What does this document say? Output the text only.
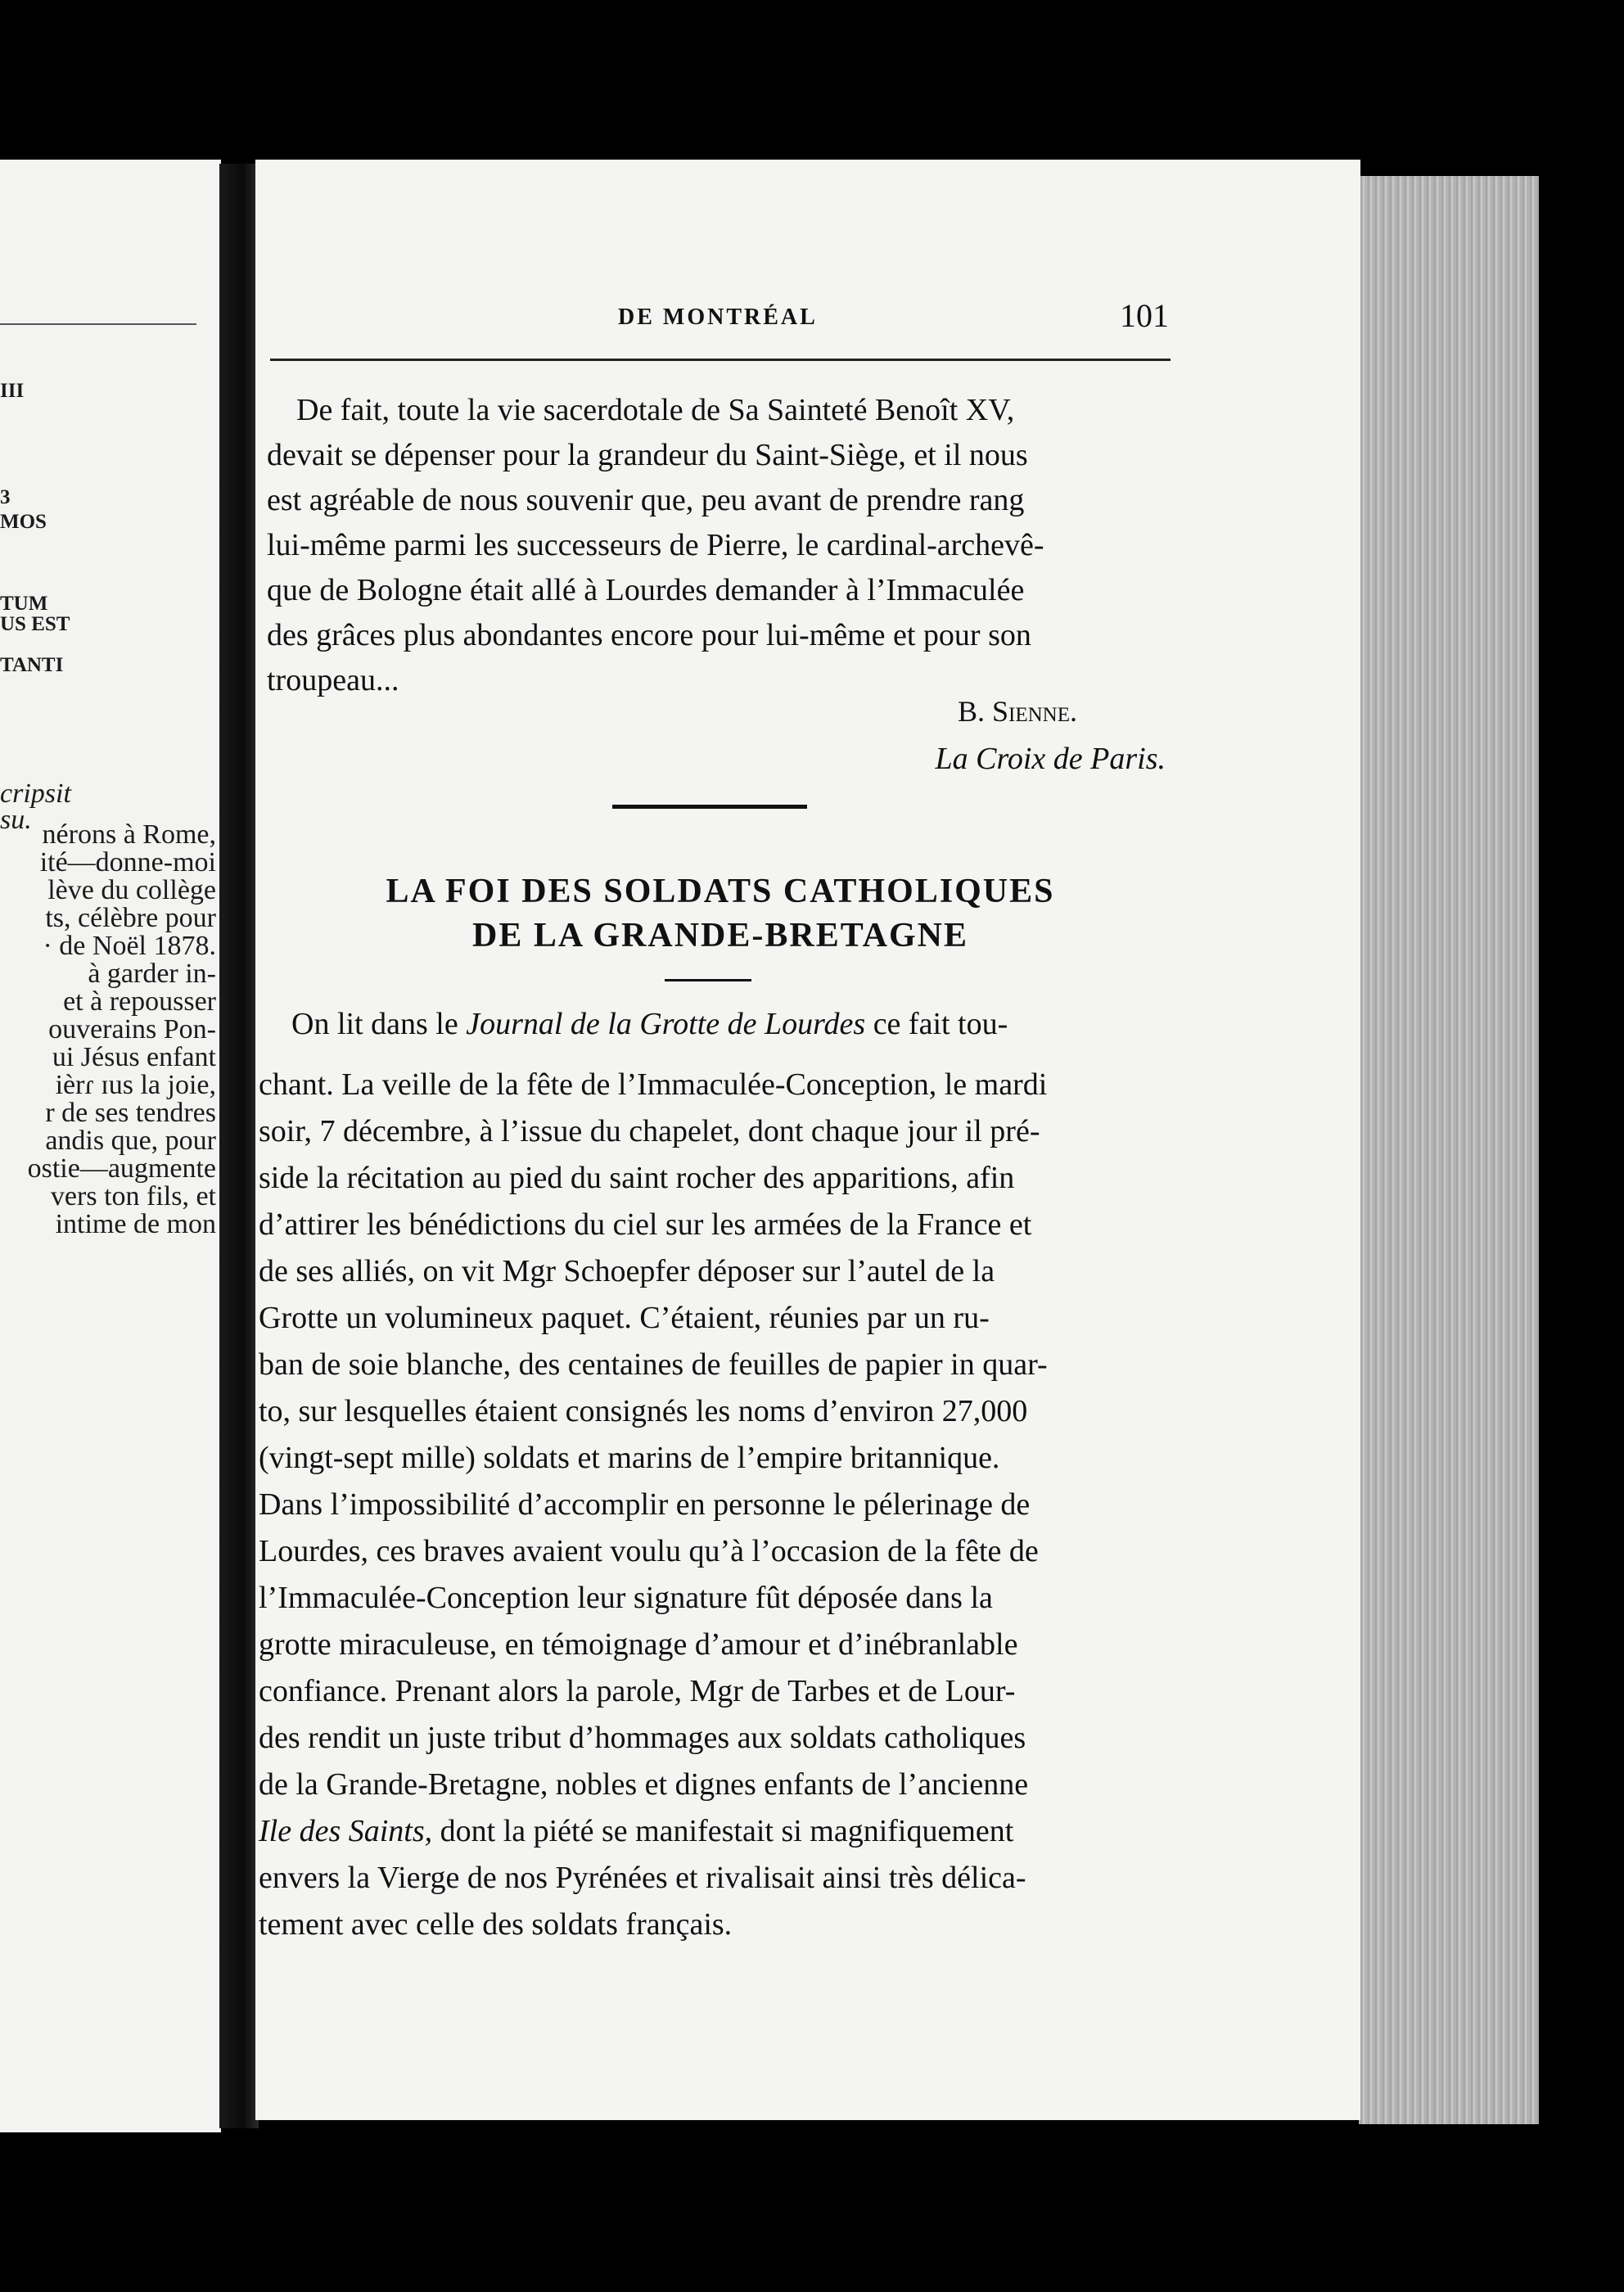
III
3
MOS
TUM
US EST
TANTI
cripsit
su. nérons à Rome,
ité—donne-moi
lève du collège
ts, célèbre pour
· de Noël 1878.
à garder in-
et à repousser
ouverains Pon-
ui Jésus enfant
ièrɾ ɪus la joie,
r de ses tendres
andis que, pour
ostie—augmente
vers ton fils, et
intime de mon
DE MONTRÉAL	101
De fait, toute la vie sacerdotale de Sa Sainteté Benoît XV,
devait se dépenser pour la grandeur du Saint-Siège, et il nous
est agréable de nous souvenir que, peu avant de prendre rang
lui-même parmi les successeurs de Pierre, le cardinal-archevê-
que de Bologne était allé à Lourdes demander à l’Immaculée
des grâces plus abondantes encore pour lui-même et pour son
troupeau...
B. Sienne.
La Croix de Paris.
LA FOI DES SOLDATS CATHOLIQUES
DE LA GRANDE-BRETAGNE
On lit dans le Journal de la Grotte de Lourdes ce fait tou-
chant. La veille de la fête de l’Immaculée-Conception, le mardi
soir, 7 décembre, à l’issue du chapelet, dont chaque jour il pré-
side la récitation au pied du saint rocher des apparitions, afin
d’attirer les bénédictions du ciel sur les armées de la France et
de ses alliés, on vit Mgr Schoepfer déposer sur l’autel de la
Grotte un volumineux paquet. C’étaient, réunies par un ru-
ban de soie blanche, des centaines de feuilles de papier in quar-
to, sur lesquelles étaient consignés les noms d’environ 27,000
(vingt-sept mille) soldats et marins de l’empire britannique.
Dans l’impossibilité d’accomplir en personne le pélerinage de
Lourdes, ces braves avaient voulu qu’à l’occasion de la fête de
l’Immaculée-Conception leur signature fût déposée dans la
grotte miraculeuse, en témoignage d’amour et d’inébranlable
confiance. Prenant alors la parole, Mgr de Tarbes et de Lour-
des rendit un juste tribut d’hommages aux soldats catholiques
de la Grande-Bretagne, nobles et dignes enfants de l’ancienne
Ile des Saints, dont la piété se manifestait si magnifiquement
envers la Vierge de nos Pyrénées et rivalisait ainsi très délica-
tement avec celle des soldats français.
